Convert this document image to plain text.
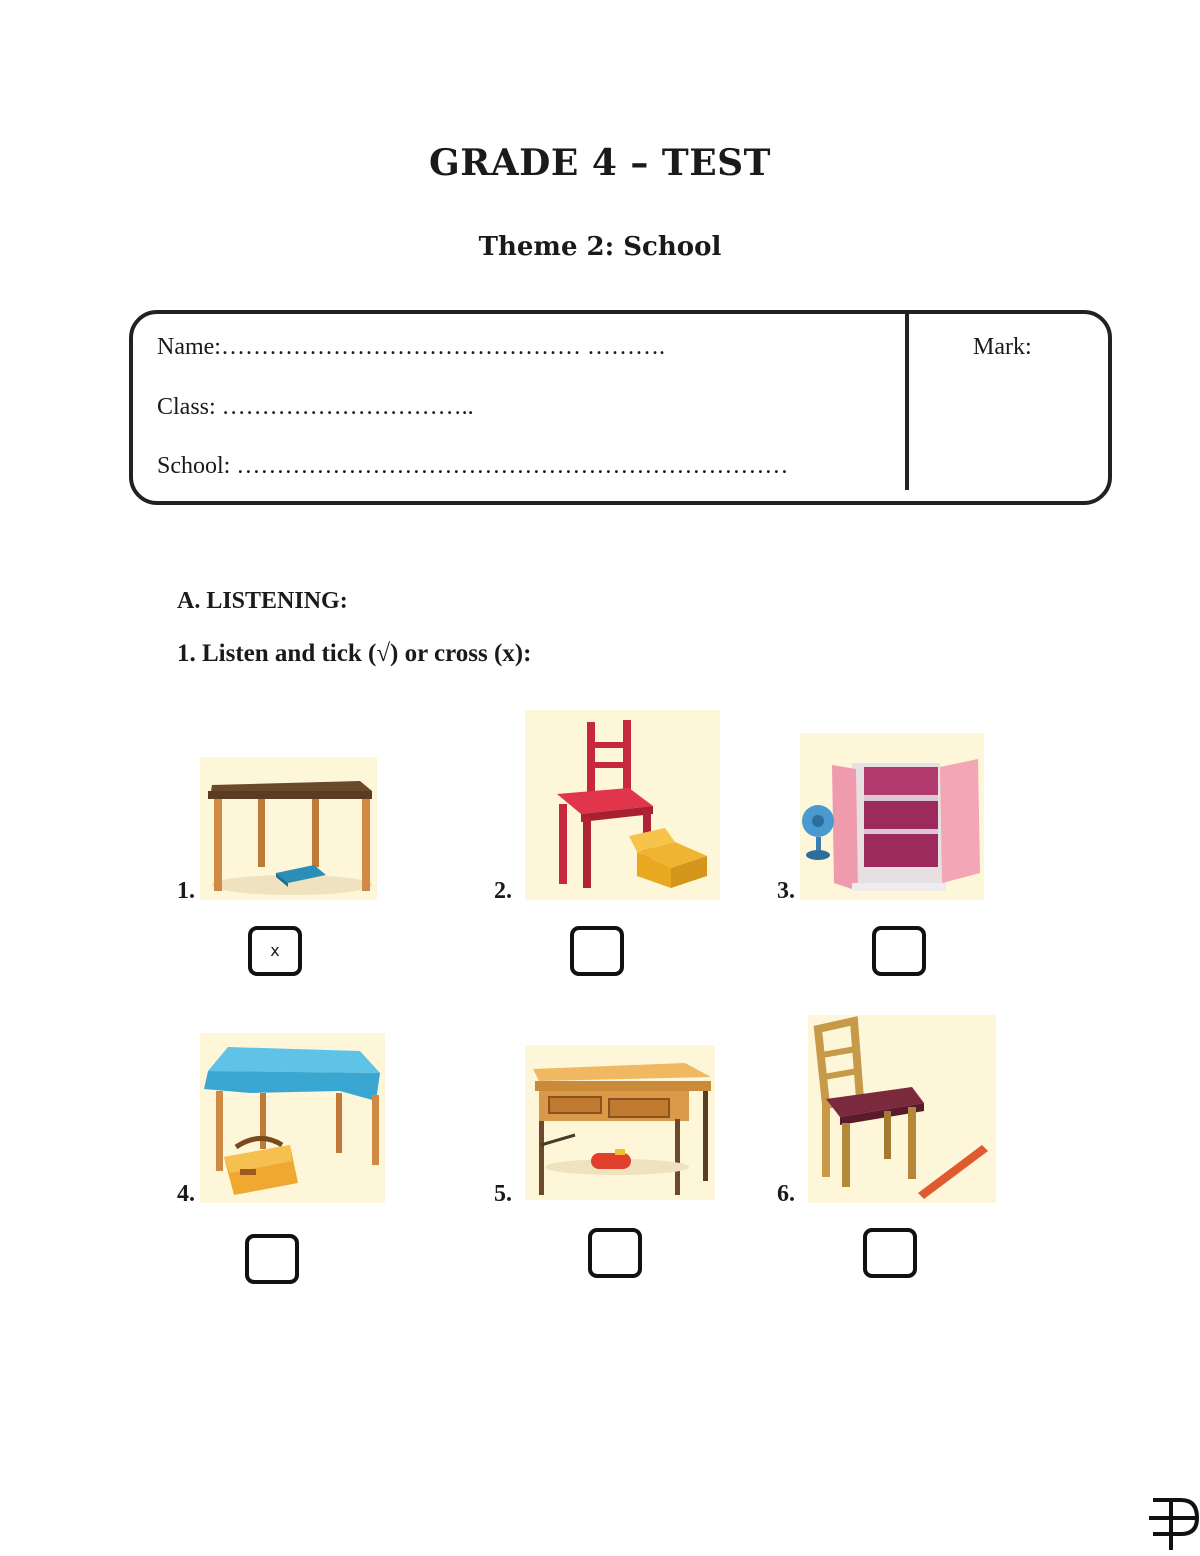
GRADE 4 – TEST
Theme 2: School
Name:……………………………………… ……….
Class: …………………………..
School: ……………………………………………………………
Mark:
A. LISTENING:
1. Listen and tick (√) or cross (x):
1.
x
2.	3.
4.	5.	6.
